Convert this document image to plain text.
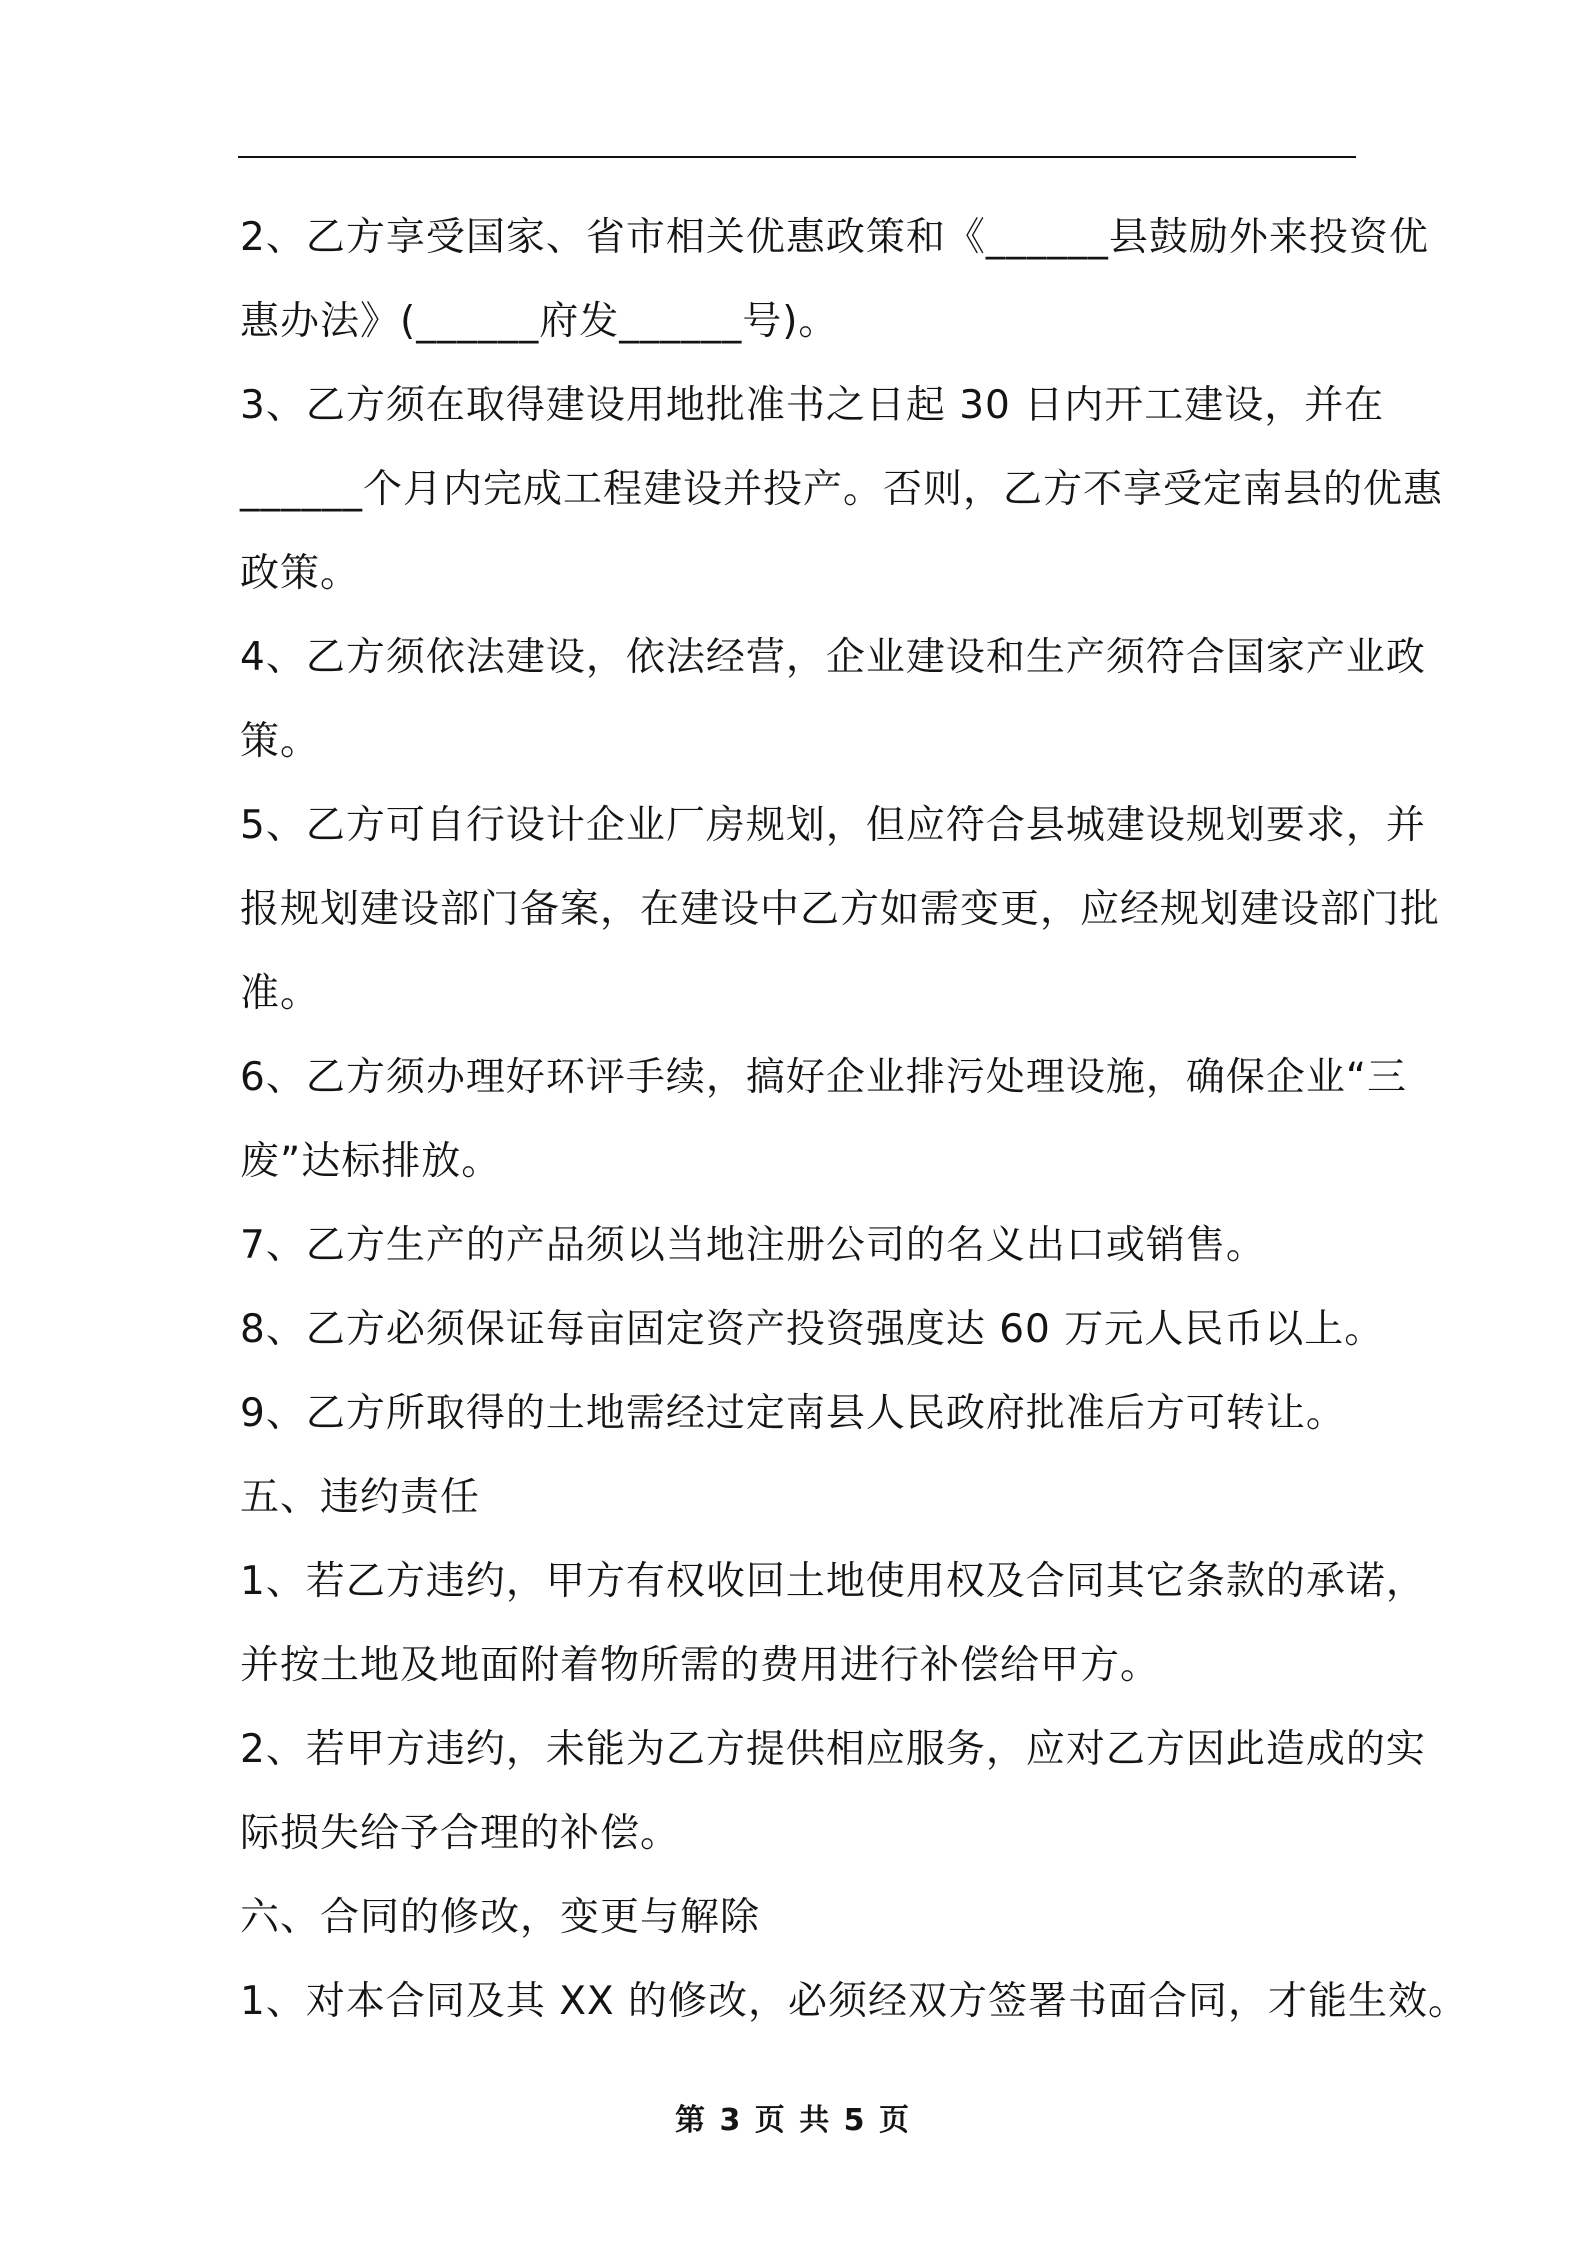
2、乙方享受国家、省市相关优惠政策和《______县鼓励外来投资优
惠办法》(______府发______号)。
3、乙方须在取得建设用地批准书之日起 30 日内开工建设，并在
______个月内完成工程建设并投产。否则，乙方不享受定南县的优惠
政策。
4、乙方须依法建设，依法经营，企业建设和生产须符合国家产业政
策。
5、乙方可自行设计企业厂房规划，但应符合县城建设规划要求，并
报规划建设部门备案，在建设中乙方如需变更，应经规划建设部门批
准。
6、乙方须办理好环评手续，搞好企业排污处理设施，确保企业“三
废”达标排放。
7、乙方生产的产品须以当地注册公司的名义出口或销售。
8、乙方必须保证每亩固定资产投资强度达 60 万元人民币以上。
9、乙方所取得的土地需经过定南县人民政府批准后方可转让。
五、违约责任
1、若乙方违约，甲方有权收回土地使用权及合同其它条款的承诺，
并按土地及地面附着物所需的费用进行补偿给甲方。
2、若甲方违约，未能为乙方提供相应服务，应对乙方因此造成的实
际损失给予合理的补偿。
六、合同的修改，变更与解除
1、对本合同及其 XX 的修改，必须经双方签署书面合同，才能生效。

第 3 页 共 5 页
